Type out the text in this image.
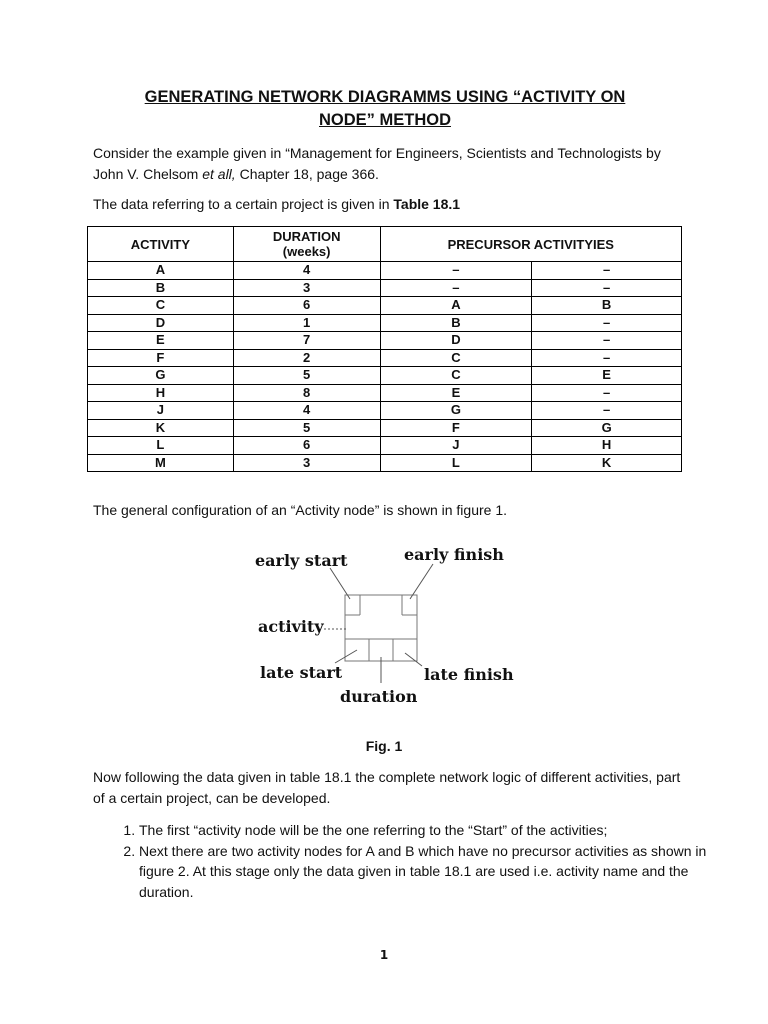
GENERATING NETWORK DIAGRAMMS USING “ACTIVITY ON
NODE” METHOD
Consider the example given in “Management for Engineers, Scientists and Technologists by John V. Chelsom et all, Chapter 18, page 366.
The data referring to a certain project is given in Table 18.1
ACTIVITY	DURATION
(weeks)	PRECURSOR ACTIVITYIES	
A	4	–	–
B	3	–	–
C	6	A	B
D	1	B	–
E	7	D	–
F	2	C	–
G	5	C	E
H	8	E	–
J	4	G	–
K	5	F	G
L	6	J	H
M	3	L	K
The general configuration of an “Activity node” is shown in figure 1.
early start	early finish
activity
late start	late finish
duration
Fig. 1
Now following the data given in table 18.1 the complete network logic of different activities, part of a certain project, can be developed.
1. The first “activity node will be the one referring to the “Start” of the activities;
2. Next there are two activity nodes for A and B which have no precursor activities as shown in figure 2. At this stage only the data given in table 18.1 are used i.e. activity name and the duration.
1
